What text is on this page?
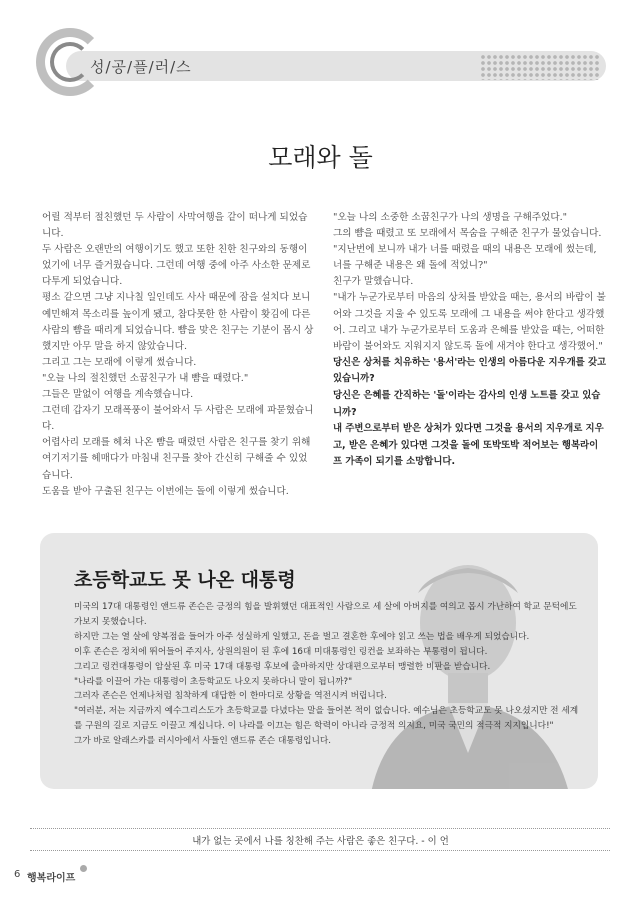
성/공/플/러/스
모래와 돌

어릴 적부터 절친했던 두 사람이 사막여행을 같이 떠나게 되었습니다.

두 사람은 오랜만의 여행이기도 했고 또한 친한 친구와의 동행이었기에 너무 즐거웠습니다. 그런데 여행 중에 아주 사소한 문제로 다투게 되었습니다.

평소 같으면 그냥 지나칠 일인데도 사사 때문에 잠을 설치다 보니 예민해져 목소리를 높이게 됐고, 참다못한 한 사람이 홧김에 다른 사람의 뺨을 때리게 되었습니다. 뺨을 맞은 친구는 기분이 몹시 상했지만 아무 말을 하지 않았습니다.

그리고 그는 모래에 이렇게 썼습니다.

"오늘 나의 절친했던 소꿉친구가 내 뺨을 때렸다."

그들은 말없이 여행을 계속했습니다.

그런데 갑자기 모래폭풍이 불어와서 두 사람은 모래에 파묻혔습니다.

어렵사리 모래를 헤쳐 나온 뺨을 때렸던 사람은 친구를 찾기 위해 여기저기를 헤매다가 마침내 친구를 찾아 간신히 구해줄 수 있었습니다.

도움을 받아 구출된 친구는 이번에는 돌에 이렇게 썼습니다.

"오늘 나의 소중한 소꿉친구가 나의 생명을 구해주었다."

그의 뺨을 때렸고 또 모래에서 목숨을 구해준 친구가 물었습니다.

"지난번에 보니까 내가 너를 때렸을 때의 내용은 모래에 썼는데, 너를 구해준 내용은 왜 돌에 적었니?"

친구가 말했습니다.

"내가 누군가로부터 마음의 상처를 받았을 때는, 용서의 바람이 불어와 그것을 지울 수 있도록 모래에 그 내용을 써야 한다고 생각했어. 그리고 내가 누군가로부터 도움과 은혜를 받았을 때는, 어떠한 바람이 불어와도 지워지지 않도록 돌에 새겨야 한다고 생각했어."

당신은 상처를 치유하는 '용서'라는 인생의 아름다운 지우개를 갖고 있습니까?

당신은 은혜를 간직하는 '돌'이라는 감사의 인생 노트를 갖고 있습니까?

내 주변으로부터 받은 상처가 있다면 그것을 용서의 지우개로 지우고, 받은 은혜가 있다면 그것을 돌에 또박또박 적어보는 행복라이프 가족이 되기를 소망합니다.

초등학교도 못 나온 대통령

미국의 17대 대통령인 앤드류 존슨은 긍정의 힘을 발휘했던 대표적인 사람으로 세 살에 아버지를 여의고 몹시 가난하여 학교 문턱에도 가보지 못했습니다.

하지만 그는 열 살에 양복점을 들어가 아주 성실하게 일했고, 돈을 벌고 결혼한 후에야 읽고 쓰는 법을 배우게 되었습니다.

이후 존슨은 정치에 뛰어들어 주지사, 상원의원이 된 후에 16대 미대통령인 링컨을 보좌하는 부통령이 됩니다.

그리고 링컨대통령이 암살된 후 미국 17대 대통령 후보에 출마하지만 상대편으로부터 맹렬한 비판을 받습니다.

"나라를 이끌어 가는 대통령이 초등학교도 나오지 못하다니 말이 됩니까?"

그러자 존슨은 언제나처럼 침착하게 대답한 이 한마디로 상황을 역전시켜 버립니다.

"여러분, 저는 지금까지 예수그리스도가 초등학교를 다녔다는 말을 들어본 적이 없습니다. 예수님은 초등학교도 못 나오셨지만 전 세계를 구원의 길로 지금도 이끌고 계십니다. 이 나라를 이끄는 힘은 학력이 아니라 긍정적 의지요, 미국 국민의 적극적 지지입니다!"

그가 바로 알래스카를 러시아에서 사들인 앤드류 존슨 대통령입니다.

내가 없는 곳에서 나를 칭찬해 주는 사람은 좋은 친구다. - 이 언
6 행복라이프
